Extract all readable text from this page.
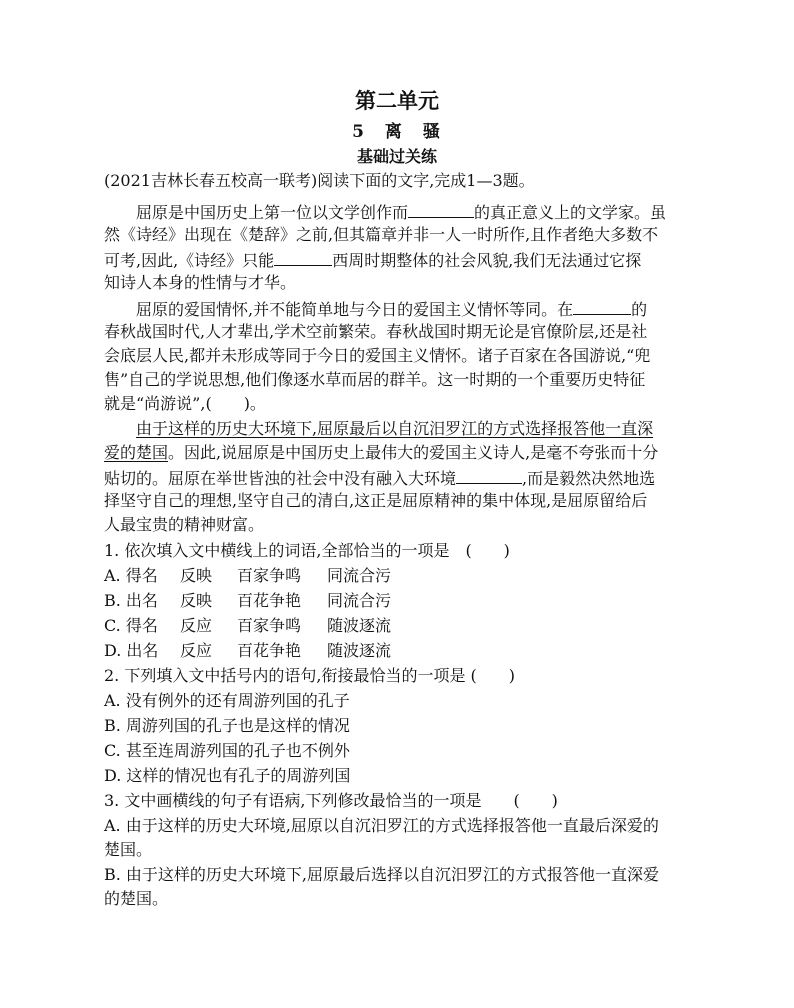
第二单元
5　离　骚
基础过关练
(2021吉林长春五校高一联考)阅读下面的文字,完成1—3题。
屈原是中国历史上第一位以文学创作而	的真正意义上的文学家。虽
然《诗经》出现在《楚辞》之前,但其篇章并非一人一时所作,且作者绝大多数不
可考,因此,《诗经》只能	西周时期整体的社会风貌,我们无法通过它探
知诗人本身的性情与才华。
屈原的爱国情怀,并不能简单地与今日的爱国主义情怀等同。在	的
春秋战国时代,人才辈出,学术空前繁荣。春秋战国时期无论是官僚阶层,还是社
会底层人民,都并未形成等同于今日的爱国主义情怀。诸子百家在各国游说,“兜
售”自己的学说思想,他们像逐水草而居的群羊。这一时期的一个重要历史特征
就是“尚游说”,(　　)。
由于这样的历史大环境下,屈原最后以自沉汨罗江的方式选择报答他一直深
爱的楚国。因此,说屈原是中国历史上最伟大的爱国主义诗人,是毫不夸张而十分
贴切的。屈原在举世皆浊的社会中没有融入大环境	,而是毅然决然地选
择坚守自己的理想,坚守自己的清白,这正是屈原精神的集中体现,是屈原留给后
人最宝贵的精神财富。
1. 依次填入文中横线上的词语,全部恰当的一项是　(　　)
A. 得名 反映 百家争鸣 同流合污
B. 出名 反映 百花争艳 同流合污
C. 得名 反应 百家争鸣 随波逐流
D. 出名 反应 百花争艳 随波逐流
2. 下列填入文中括号内的语句,衔接最恰当的一项是 (　　)
A. 没有例外的还有周游列国的孔子
B. 周游列国的孔子也是这样的情况
C. 甚至连周游列国的孔子也不例外
D. 这样的情况也有孔子的周游列国
3. 文中画横线的句子有语病,下列修改最恰当的一项是　　(　　)
A. 由于这样的历史大环境,屈原以自沉汨罗江的方式选择报答他一直最后深爱的
楚国。
B. 由于这样的历史大环境下,屈原最后选择以自沉汨罗江的方式报答他一直深爱
的楚国。
